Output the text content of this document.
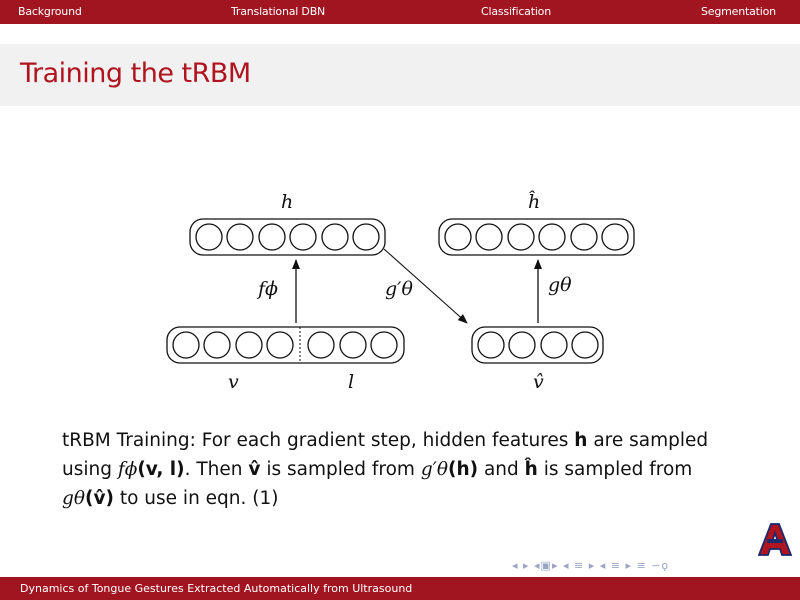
Background	Translational DBN	Classification	Segmentation
Training the tRBM
h	ĥ
v	l	v̂
fϕ	g′θ	gθ
tRBM Training: For each gradient step, hidden features h are sampled using fϕ(v, l). Then v̂ is sampled from g′θ(h) and ĥ is sampled from gθ(v̂) to use in eqn. (1)
◂ ▸ ◂▣▸ ◂ ≡ ▸ ◂ ≡ ▸ ≡ ∽ǫ
Dynamics of Tongue Gestures Extracted Automatically from Ultrasound
